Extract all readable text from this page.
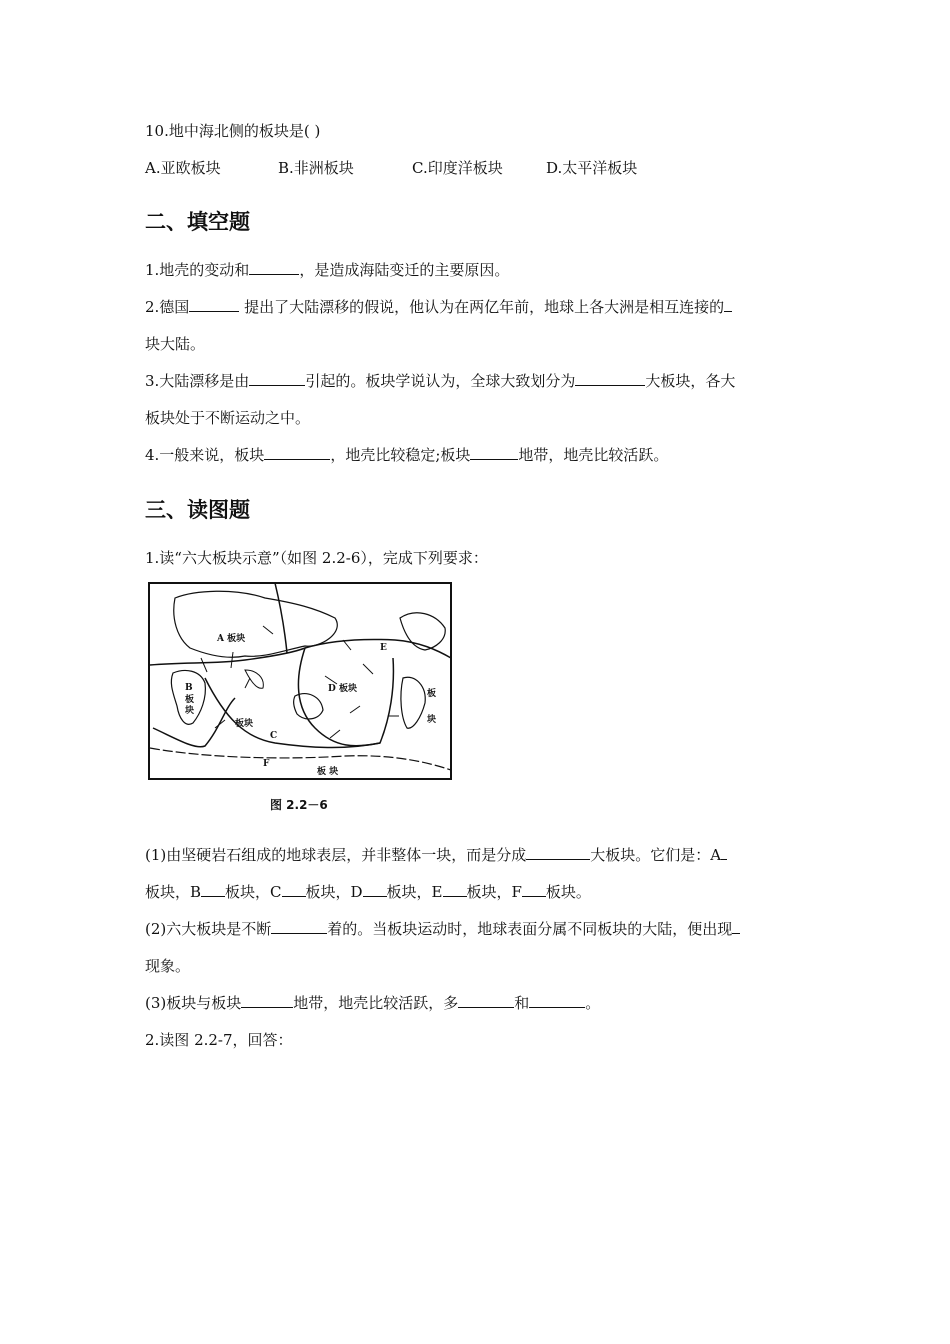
10.地中海北侧的板块是( )
A.亚欧板块	B.非洲板块	C.印度洋板块	D.太平洋板块
二、填空题
1.地壳的变动和	，是造成海陆变迁的主要原因。
2.德国	提出了大陆漂移的假说，他认为在两亿年前，地球上各大洲是相互连接的
块大陆。
3.大陆漂移是由	引起的。板块学说认为，全球大致划分为	大板块，各大
板块处于不断运动之中。
4.一般来说，板块	，地壳比较稳定;板块	地带，地壳比较活跃。
三、读图题
1.读“六大板块示意”（如图 2.2-6），完成下列要求：
A 板块
B
板
块
D 板块
E
板块
C
F
板 块
板
块
图 2.2－6
(1)由坚硬岩石组成的地球表层，并非整体一块，而是分成	大板块。它们是：A
板块，B 板块，C 板块，D 板块，E 板块，F 板块。
(2)六大板块是不断	着的。当板块运动时，地球表面分属不同板块的大陆，便出现
现象。
(3)板块与板块	地带，地壳比较活跃，多	和	。
2.读图 2.2-7，回答：
